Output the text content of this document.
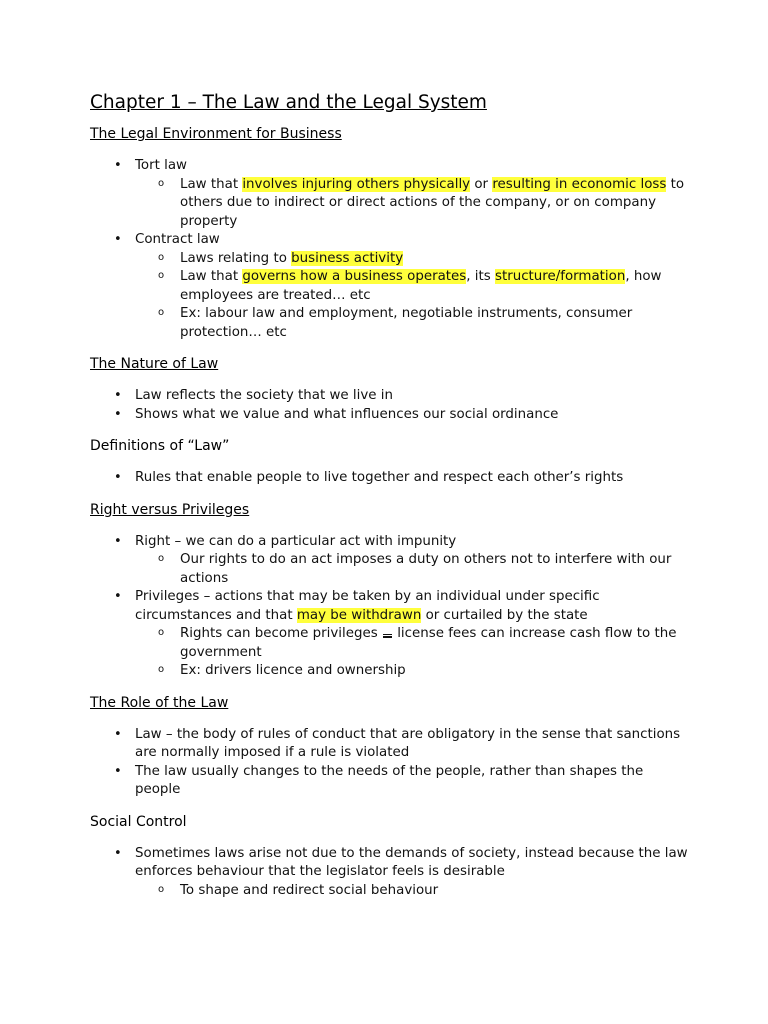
Chapter 1 – The Law and the Legal System

The Legal Environment for Business

• Tort law
o Law that involves injuring others physically or resulting in economic loss to others due to indirect or direct actions of the company, or on company property
• Contract law
o Laws relating to business activity
o Law that governs how a business operates, its structure/formation, how employees are treated… etc
o Ex: labour law and employment, negotiable instruments, consumer protection… etc

The Nature of Law

• Law reflects the society that we live in
• Shows what we value and what influences our social ordinance

Definitions of “Law”

• Rules that enable people to live together and respect each other’s rights

Right versus Privileges

• Right – we can do a particular act with impunity
o Our rights to do an act imposes a duty on others not to interfere with our actions
• Privileges – actions that may be taken by an individual under specific circumstances and that may be withdrawn or curtailed by the state
o Rights can become privileges  license fees can increase cash flow to the government
o Ex: drivers licence and ownership

The Role of the Law

• Law – the body of rules of conduct that are obligatory in the sense that sanctions are normally imposed if a rule is violated
• The law usually changes to the needs of the people, rather than shapes the people

Social Control

• Sometimes laws arise not due to the demands of society, instead because the law enforces behaviour that the legislator feels is desirable
o To shape and redirect social behaviour
